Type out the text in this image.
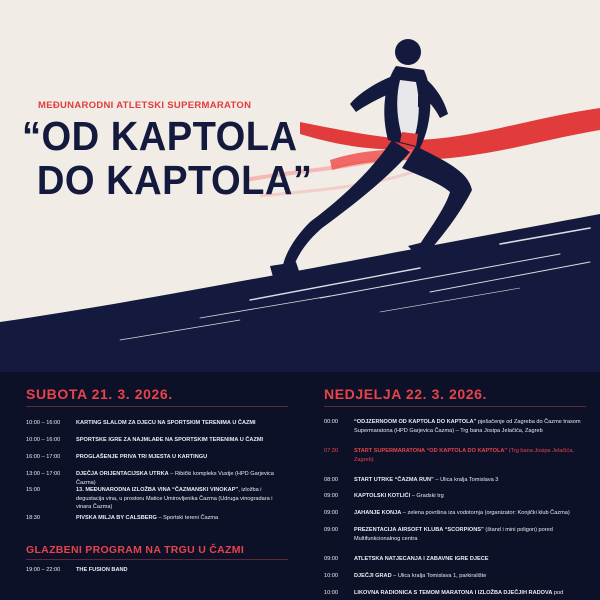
MEĐUNARODNI ATLETSKI SUPERMARATON
“OD KAPTOLA
DO KAPTOLA”
SUBOTA 21. 3. 2026.
10:00 – 16:00	KARTING SLALOM ZA DJECU NA SPORTSKIM TERENIMA U ČAZMI
10:00 – 16:00	SPORTSKE IGRE ZA NAJMLAĐE NA SPORTSKIM TERENIMA U ČAZMI
16:00 – 17:00	PROGLAŠENJE PRIVA TRI MJESTA U KARTINGU
13:00 – 17:00	DJEČJA ORIJENTACIJSKA UTRKA – Ribički kompleks Vustje (HPD Garjevica Čazma)
15:00	13. MEĐUNARODNA IZLOŽBA VINA “ČAZMANSKI VINOKAP”, izložba i degustacija vina, u prostoru Matice Umirovljenika Čazma (Udruga vinogradara i vinara Čazma)
18:30	PIVSKA MILJA BY CALSBERG – Sportski tereni Čazma
GLAZBENI PROGRAM NA TRGU U ČAZMI
19:00 – 22:00	THE FUSION BAND
NEDJELJA 22. 3. 2026.
00:00	“ODJZERNOOM OD KAPTOLA DO KAPTOLA” pješačenje od Zagreba do Čazme trasom Supermaratona (HPD Garjevica Čazma) – Trg bana Josipa Jelačića, Zagreb
07:30	START SUPERMARATONA “OD KAPTOLA DO KAPTOLA” (Trg bana Josipa Jelačića, Zagreb)
08:00	START UTRKE “ČAZMA RUN” – Ulica kralja Tomislava 3
09:00	KAPTOLSKI KOTLIĆI – Gradski trg
09:00	JAHANJE KONJA – zelena površina iza vodotornja (organizator: Konjički klub Čazma)
09:00	PREZENTACIJA AIRSOFT KLUBA “SCORPIONS” (štand i mini poligon) pored Multifunkcionalnog centra
09:00	ATLETSKA NATJECANJA I ZABAVNE IGRE DJECE
10:00	DJEČJI GRAD – Ulica kralja Tomislava 1, parkiralište
10:00	LIKOVNA RADIONICA S TEMOM MARATONA I IZLOŽBA DJEČJIH RADOVA pod
